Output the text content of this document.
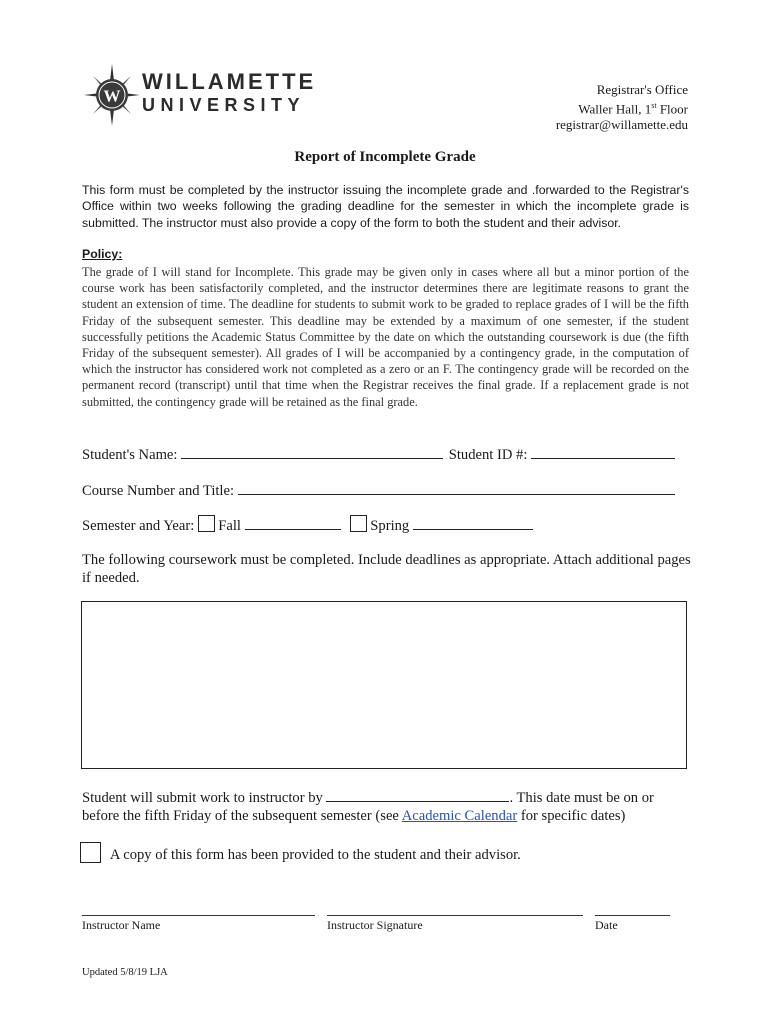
W
WILLAMETTE
UNIVERSITY
Registrar's Office
Waller Hall, 1st Floor
registrar@willamette.edu
Report of Incomplete Grade
This form must be completed by the instructor issuing the incomplete grade and .forwarded to the Registrar's Office within two weeks following the grading deadline for the semester in which the incomplete grade is submitted. The instructor must also provide a copy of the form to both the student and their advisor.
Policy:
The grade of I will stand for Incomplete. This grade may be given only in cases where all but a minor portion of the course work has been satisfactorily completed, and the instructor determines there are legitimate reasons to grant the student an extension of time. The deadline for students to submit work to be graded to replace grades of I will be the fifth Friday of the subsequent semester. This deadline may be extended by a maximum of one semester, if the student successfully petitions the Academic Status Committee by the date on which the outstanding coursework is due (the fifth Friday of the subsequent semester). All grades of I will be accompanied by a contingency grade, in the computation of which the instructor has considered work not completed as a zero or an F. The contingency grade will be recorded on the permanent record (transcript) until that time when the Registrar receives the final grade. If a replacement grade is not submitted, the contingency grade will be retained as the final grade.
Student's Name:	Student ID #:
Course Number and Title:
Semester and Year: Fall	Spring
The following coursework must be completed. Include deadlines as appropriate. Attach additional pages if needed.
Student will submit work to instructor by	. This date must be on or
before the fifth Friday of the subsequent semester (see Academic Calendar for specific dates)
A copy of this form has been provided to the student and their advisor.
Instructor Name	Instructor Signature	Date
Updated 5/8/19 LJA
